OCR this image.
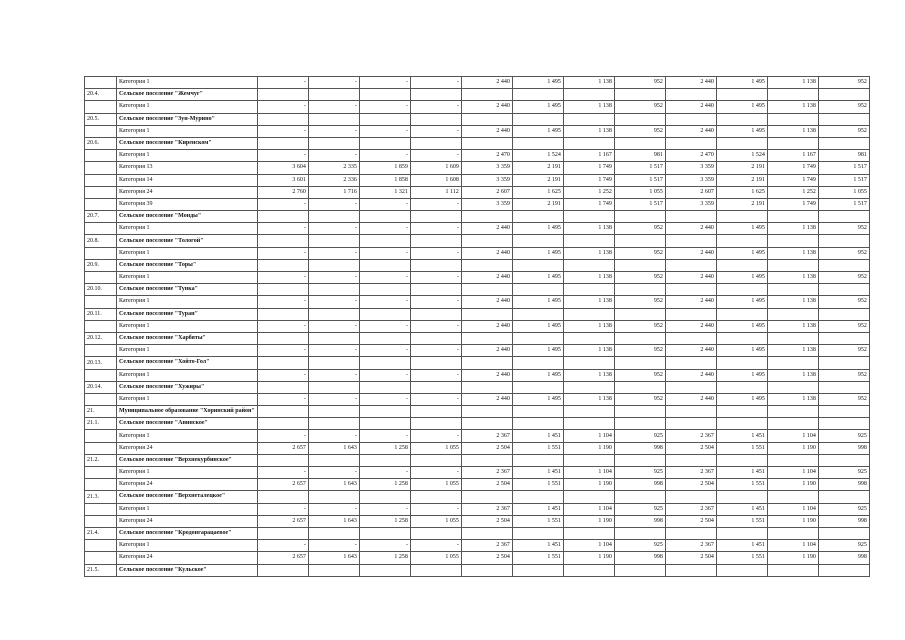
	Категория 1	-	-	-	-	2 440	1 495	1 138	952	2 440	1 495	1 138	952
20.4.	Сельское поселение "Жемчуг"												
	Категория 1	-	-	-	-	2 440	1 495	1 138	952	2 440	1 495	1 138	952
20.5.	Сельское поселение "Зун-Мурино"												
	Категория 1	-	-	-	-	2 440	1 495	1 138	952	2 440	1 495	1 138	952
20.6.	Сельское поселение "Киренском"												
	Категория 1	-	-	-	-	2 470	1 524	1 167	981	2 470	1 524	1 167	981
	Категория 13	3 604	2 335	1 859	1 609	3 359	2 191	1 749	1 517	3 359	2 191	1 749	1 517
	Категория 14	3 601	2 336	1 858	1 608	3 359	2 191	1 749	1 517	3 359	2 191	1 749	1 517
	Категория 24	2 760	1 716	1 321	1 112	2 607	1 625	1 252	1 055	2 607	1 625	1 252	1 055
	Категория 39	-	-	-	-	3 359	2 191	1 749	1 517	3 359	2 191	1 749	1 517
20.7.	Сельское поселение "Монды"												
	Категория 1	-	-	-	-	2 440	1 495	1 138	952	2 440	1 495	1 138	952
20.8.	Сельское поселение "Тологой"												
	Категория 1	-	-	-	-	2 440	1 495	1 138	952	2 440	1 495	1 138	952
20.9.	Сельское поселение "Торы"												
	Категория 1	-	-	-	-	2 440	1 495	1 138	952	2 440	1 495	1 138	952
20.10.	Сельское поселение "Тунка"												
	Категория 1	-	-	-	-	2 440	1 495	1 138	952	2 440	1 495	1 138	952
20.11.	Сельское поселение "Туран"												
	Категория 1	-	-	-	-	2 440	1 495	1 138	952	2 440	1 495	1 138	952
20.12.	Сельское поселение "Харбяты"												
	Категория 1	-	-	-	-	2 440	1 495	1 138	952	2 440	1 495	1 138	952
20.13.	Сельское поселение "Хойто-Гол"												
	Категория 1	-	-	-	-	2 440	1 495	1 138	952	2 440	1 495	1 138	952
20.14.	Сельское поселение "Хужиры"												
	Категория 1	-	-	-	-	2 440	1 495	1 138	952	2 440	1 495	1 138	952
21.	Муниципальное образование "Хоринский район"												
21.1.	Сельское поселение "Анинское"												
	Категория 1	-	-	-	-	2 367	1 451	1 104	925	2 367	1 451	1 104	925
	Категория 24	2 657	1 643	1 258	1 055	2 504	1 551	1 190	998	2 504	1 551	1 190	998
21.2.	Сельское поселение "Верхнекурбинское"												
	Категория 1	-	-	-	-	2 367	1 451	1 104	925	2 367	1 451	1 104	925
	Категория 24	2 657	1 643	1 258	1 055	2 504	1 551	1 190	998	2 504	1 551	1 190	998
21.3.	Сельское поселение "Верхнеталецкое"												
	Категория 1	-	-	-	-	2 367	1 451	1 104	925	2 367	1 451	1 104	925
	Категория 24	2 657	1 643	1 258	1 055	2 504	1 551	1 190	998	2 504	1 551	1 190	998
21.4.	Сельское поселение "Кродонгарацаевое"												
	Категория 1	-	-	-	-	2 367	1 451	1 104	925	2 367	1 451	1 104	925
	Категория 24	2 657	1 643	1 258	1 055	2 504	1 551	1 190	998	2 504	1 551	1 190	998
21.5.	Сельское поселение "Кульское"												
